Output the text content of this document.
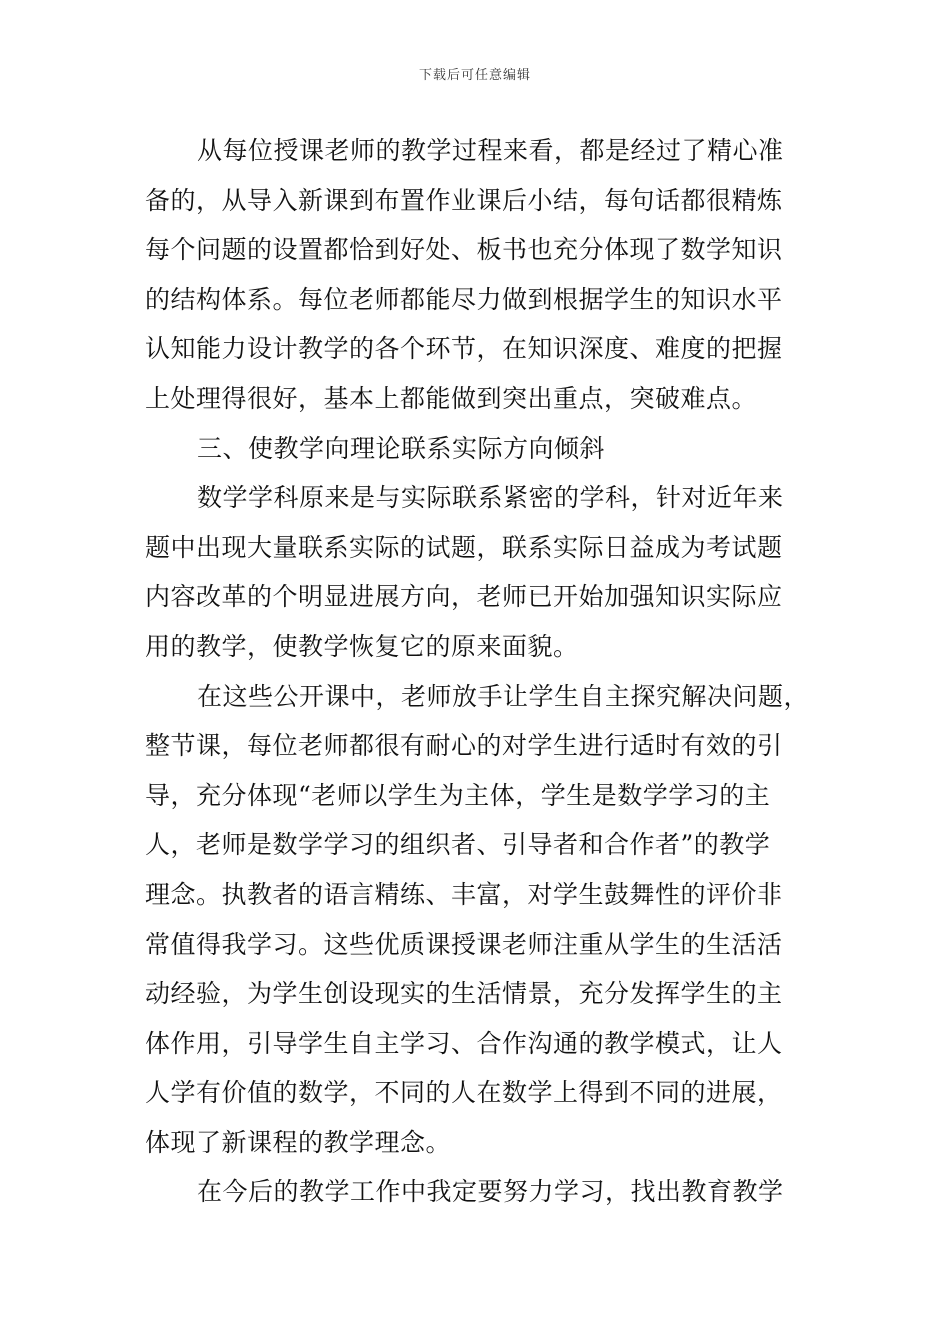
下载后可任意编辑
从每位授课老师的教学过程来看，都是经过了精心准
备的，从导入新课到布置作业课后小结，每句话都很精炼
每个问题的设置都恰到好处、板书也充分体现了数学知识
的结构体系。每位老师都能尽力做到根据学生的知识水平
认知能力设计教学的各个环节，在知识深度、难度的把握
上处理得很好，基本上都能做到突出重点，突破难点。
三、使教学向理论联系实际方向倾斜
数学学科原来是与实际联系紧密的学科，针对近年来
题中出现大量联系实际的试题，联系实际日益成为考试题
内容改革的个明显进展方向，老师已开始加强知识实际应
用的教学，使教学恢复它的原来面貌。
在这些公开课中，老师放手让学生自主探究解决问题，
整节课，每位老师都很有耐心的对学生进行适时有效的引
导，充分体现“老师以学生为主体，学生是数学学习的主
人，老师是数学学习的组织者、引导者和合作者”的教学
理念。执教者的语言精练、丰富，对学生鼓舞性的评价非
常值得我学习。这些优质课授课老师注重从学生的生活活
动经验，为学生创设现实的生活情景，充分发挥学生的主
体作用，引导学生自主学习、合作沟通的教学模式，让人
人学有价值的数学，不同的人在数学上得到不同的进展，
体现了新课程的教学理念。
在今后的教学工作中我定要努力学习，找出教育教学
